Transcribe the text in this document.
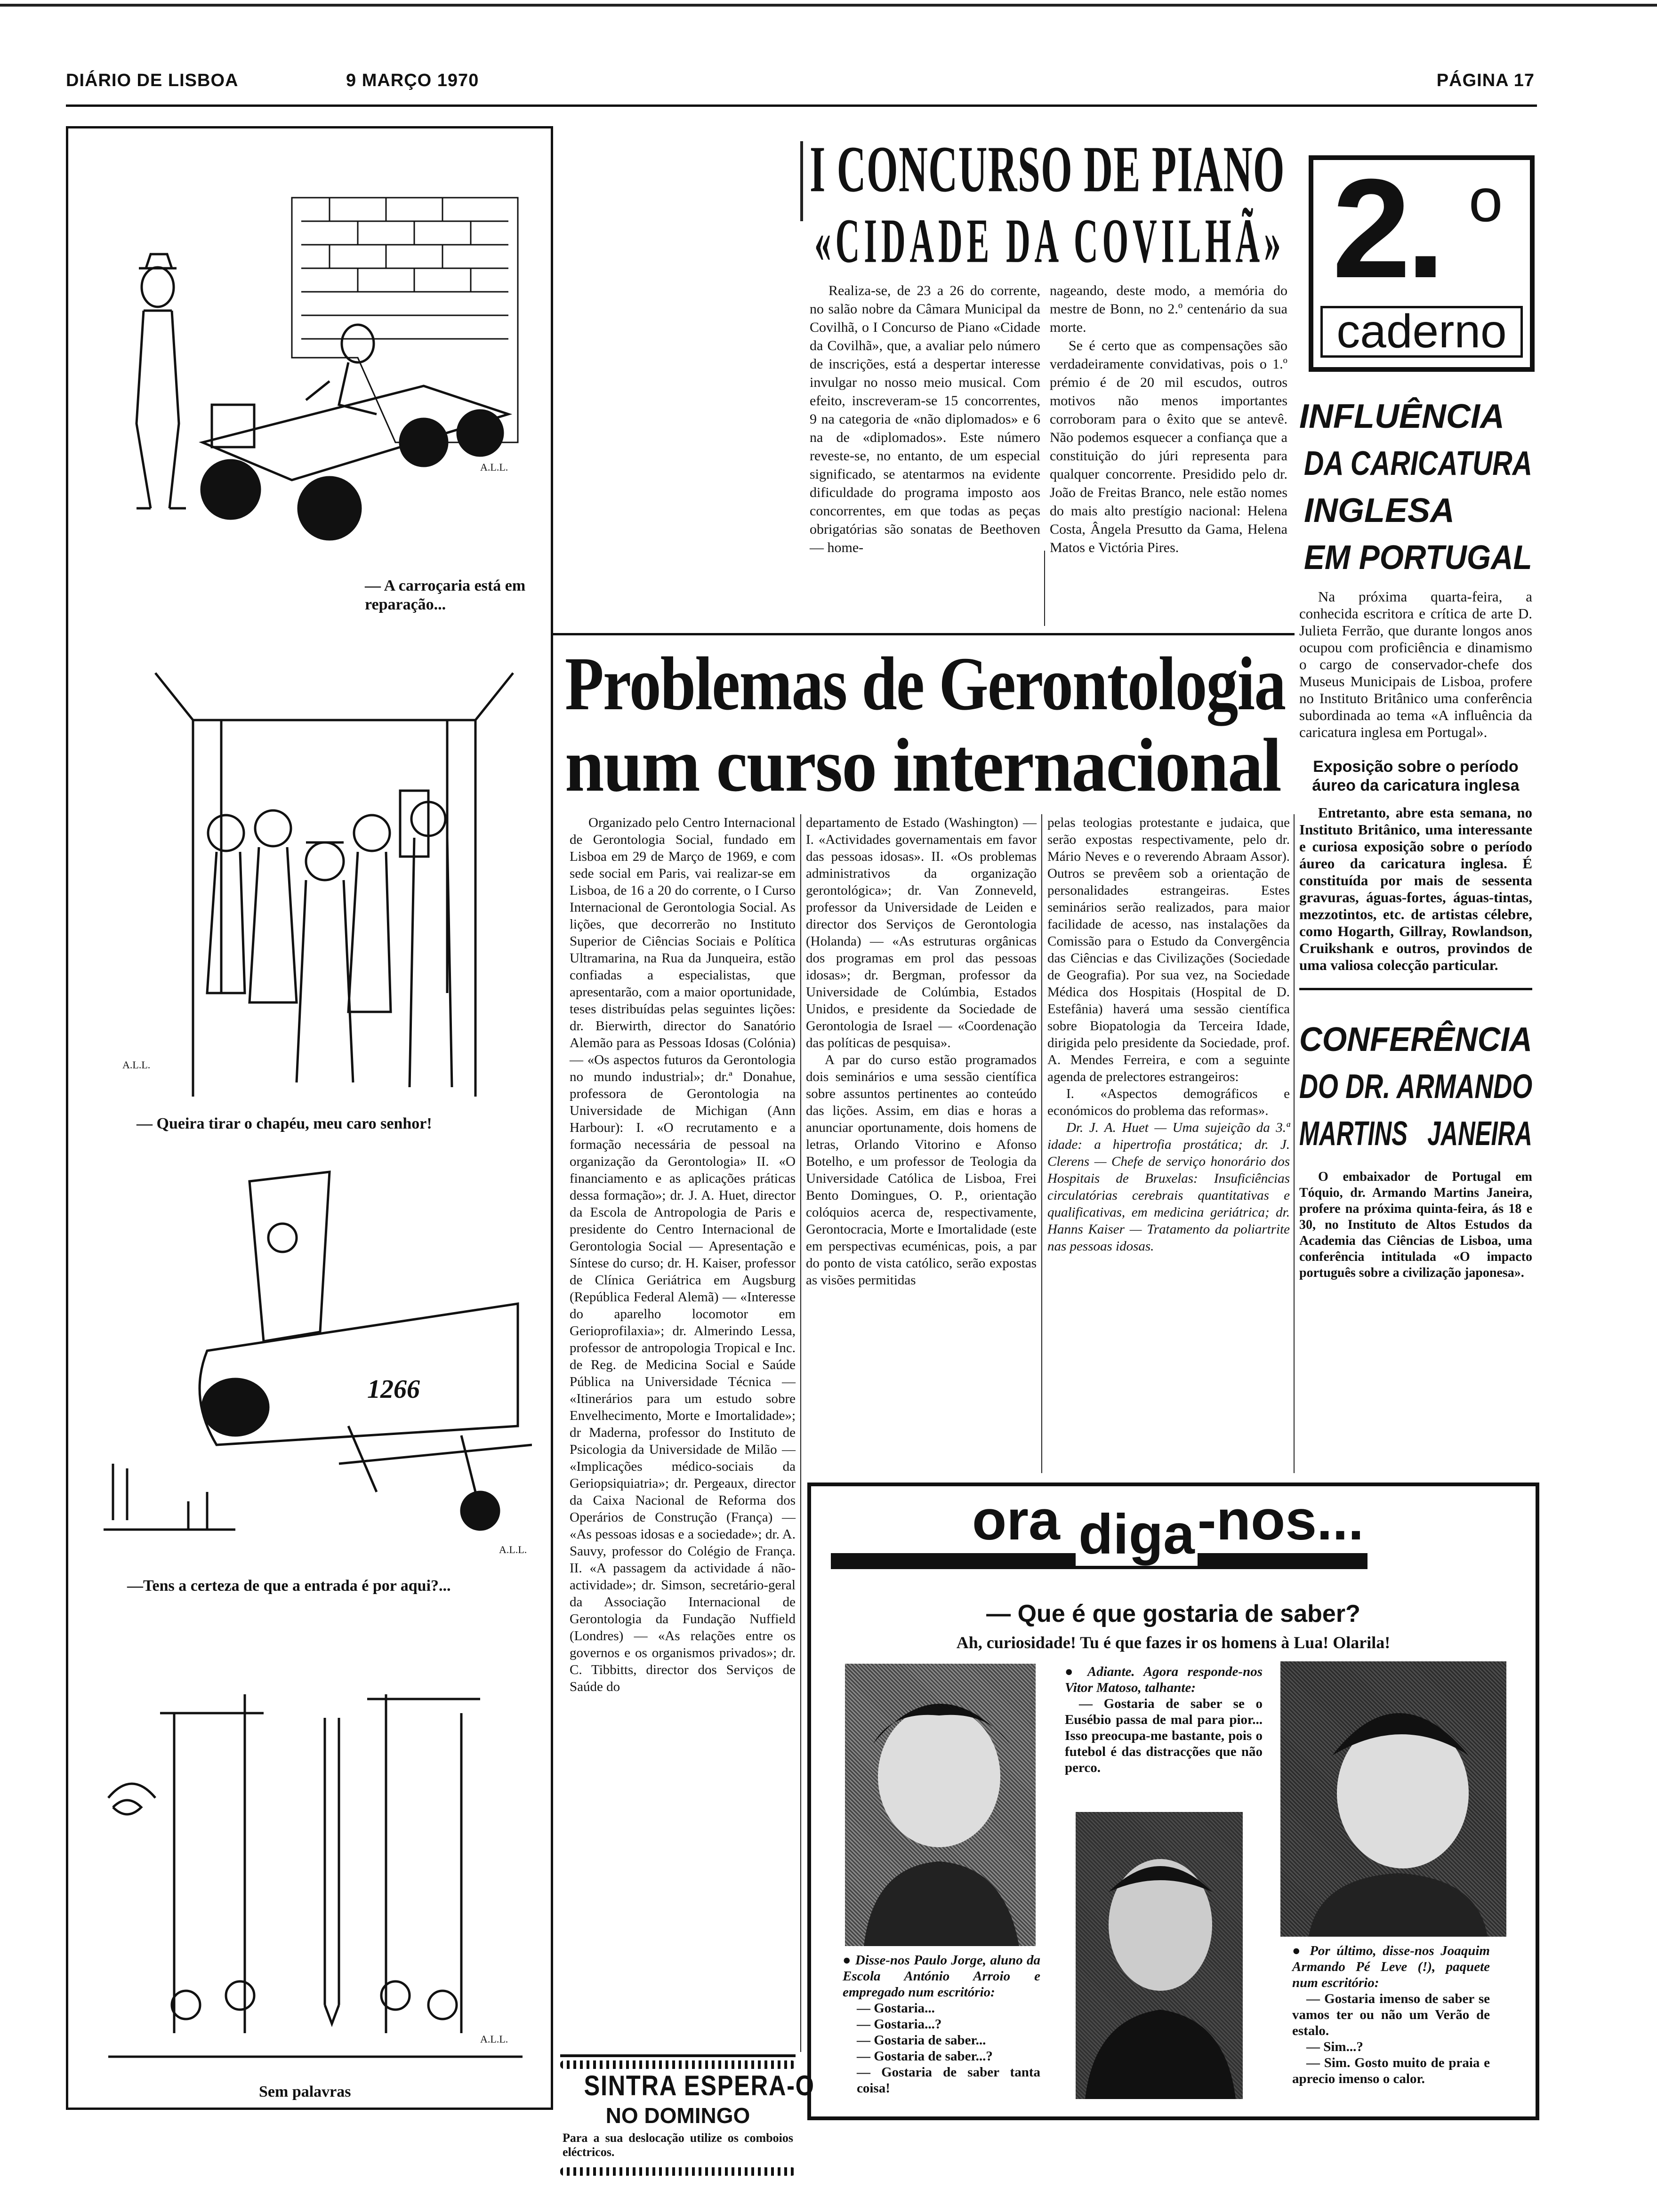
DIÁRIO DE LISBOA	9 MARÇO 1970	PÁGINA 17
A.L.L.
— A carroçaria está em reparação...
A.L.L.
— Queira tirar o chapéu, meu caro senhor!
1266
A.L.L.
—Tens a certeza de que a entrada é por aqui?...
A.L.L.
Sem palavras
I CONCURSO DE PIANO
«CIDADE DA COVILHÃ»

Realiza-se, de 23 a 26 do corrente, no salão nobre da Câmara Municipal da Covilhã, o I Concurso de Piano «Cidade da Covilhã», que, a avaliar pelo número de inscrições, está a despertar interesse invulgar no nosso meio musical. Com efeito, inscreveram-se 15 concorrentes, 9 na categoria de «não diplomados» e 6 na de «diplomados». Este número reveste-se, no entanto, de um especial significado, se atentarmos na evidente dificuldade do programa imposto aos concorrentes, em que todas as peças obrigatórias são sonatas de Beethoven — home-

nageando, deste modo, a memória do mestre de Bonn, no 2.º centenário da sua morte.

Se é certo que as compensações são verdadeiramente convidativas, pois o 1.º prémio é de 20 mil escudos, outros motivos não menos importantes corroboram para o êxito que se antevê. Não podemos esquecer a confiança que a constituição do júri representa para qualquer concorrente. Presidido pelo dr. João de Freitas Branco, nele estão nomes do mais alto prestígio nacional: Helena Costa, Ângela Presutto da Gama, Helena Matos e Victória Pires.

2. o
caderno
INFLUÊNCIA
DA CARICATURA
INGLESA
EM PORTUGAL

Na próxima quarta-feira, a conhecida escritora e crítica de arte D. Julieta Ferrão, que durante longos anos ocupou com proficiência e dinamismo o cargo de conservador-chefe dos Museus Municipais de Lisboa, profere no Instituto Britânico uma conferência subordinada ao tema «A influência da caricatura inglesa em Portugal».

Exposição sobre o período áureo da caricatura inglesa

Entretanto, abre esta semana, no Instituto Britânico, uma interessante e curiosa exposição sobre o período áureo da caricatura inglesa. É constituída por mais de sessenta gravuras, águas-fortes, águas-tintas, mezzotintos, etc. de artistas célebre, como Hogarth, Gillray, Rowlandson, Cruikshank e outros, provindos de uma valiosa colecção particular.

CONFERÊNCIA
DO DR. ARMANDO
MARTINS   JANEIRA

O embaixador de Portugal em Tóquio, dr. Armando Martins Janeira, profere na próxima quinta-feira, ás 18 e 30, no Instituto de Altos Estudos da Academia das Ciências de Lisboa, uma conferência intitulada «O impacto português sobre a civilização japonesa».

Problemas de Gerontologia
num curso internacional

Organizado pelo Centro Internacional de Gerontologia Social, fundado em Lisboa em 29 de Março de 1969, e com sede social em Paris, vai realizar-se em Lisboa, de 16 a 20 do corrente, o I Curso Internacional de Gerontologia Social. As lições, que decorrerão no Instituto Superior de Ciências Sociais e Política Ultramarina, na Rua da Junqueira, estão confiadas a especialistas, que apresentarão, com a maior oportunidade, teses distribuídas pelas seguintes lições: dr. Bierwirth, director do Sanatório Alemão para as Pessoas Idosas (Colónia) — «Os aspectos futuros da Gerontologia no mundo industrial»; dr.ª Donahue, professora de Gerontologia na Universidade de Michigan (Ann Harbour): I. «O recrutamento e a formação necessária de pessoal na organização da Gerontologia» II. «O financiamento e as aplicações práticas dessa formação»; dr. J. A. Huet, director da Escola de Antropologia de Paris e presidente do Centro Internacional de Gerontologia Social — Apresentação e Síntese do curso; dr. H. Kaiser, professor de Clínica Geriátrica em Augsburg (República Federal Alemã) — «Interesse do aparelho locomotor em Gerioprofilaxia»; dr. Almerindo Lessa, professor de antropologia Tropical e Inc. de Reg. de Medicina Social e Saúde Pública na Universidade Técnica — «Itinerários para um estudo sobre Envelhecimento, Morte e Imortalidade»; dr Maderna, professor do Instituto de Psicologia da Universidade de Milão — «Implicações médico-sociais da Geriopsiquiatria»; dr. Pergeaux, director da Caixa Nacional de Reforma dos Operários de Construção (França) — «As pessoas idosas e a sociedade»; dr. A. Sauvy, professor do Colégio de França. II. «A passagem da actividade á não-actividade»; dr. Simson, secretário-geral da Associação Internacional de Gerontologia da Fundação Nuffield (Londres) — «As relações entre os governos e os organismos privados»; dr. C. Tibbitts, director dos Serviços de Saúde do

departamento de Estado (Washington) — I. «Actividades governamentais em favor das pessoas idosas». II. «Os problemas administrativos da organização gerontológica»; dr. Van Zonneveld, professor da Universidade de Leiden e director dos Serviços de Gerontologia (Holanda) — «As estruturas orgânicas dos programas em prol das pessoas idosas»; dr. Bergman, professor da Universidade de Colúmbia, Estados Unidos, e presidente da Sociedade de Gerontologia de Israel — «Coordenação das políticas de pesquisa».

A par do curso estão programados dois seminários e uma sessão científica sobre assuntos pertinentes ao conteúdo das lições. Assim, em dias e horas a anunciar oportunamente, dois homens de letras, Orlando Vitorino e Afonso Botelho, e um professor de Teologia da Universidade Católica de Lisboa, Frei Bento Domingues, O. P., orientação colóquios acerca de, respectivamente, Gerontocracia, Morte e Imortalidade (este em perspectivas ecuménicas, pois, a par do ponto de vista católico, serão expostas as visões permitidas

pelas teologias protestante e judaica, que serão expostas respectivamente, pelo dr. Mário Neves e o reverendo Abraam Assor). Outros se prevêem sob a orientação de personalidades estrangeiras. Estes seminários serão realizados, para maior facilidade de acesso, nas instalações da Comissão para o Estudo da Convergência das Ciências e das Civilizações (Sociedade de Geografia). Por sua vez, na Sociedade Médica dos Hospitais (Hospital de D. Estefânia) haverá uma sessão científica sobre Biopatologia da Terceira Idade, dirigida pelo presidente da Sociedade, prof. A. Mendes Ferreira, e com a seguinte agenda de prelectores estrangeiros:

I. «Aspectos demográficos e económicos do problema das reformas».

Dr. J. A. Huet — Uma sujeição da 3.ª idade: a hipertrofia prostática; dr. J. Clerens — Chefe de serviço honorário dos Hospitais de Bruxelas: Insuficiências circulatórias cerebrais quantitativas e qualificativas, em medicina geriátrica; dr. Hanns Kaiser — Tratamento da poliartrite nas pessoas idosas.

SINTRA ESPERA-O
NO DOMINGO
Para a sua deslocação utilize os comboios eléctricos.
ora diga-nos...
— Que é que gostaria de saber?
Ah, curiosidade! Tu é que fazes ir os homens à Lua! Olarila!
● Disse-nos Paulo Jorge, aluno da Escola António Arroio e empregado num escritório:
— Gostaria...
— Gostaria...?
— Gostaria de saber...
— Gostaria de saber...?
— Gostaria de saber tanta coisa!
● Adiante. Agora responde-nos Vitor Matoso, talhante:
— Gostaria de saber se o Eusébio passa de mal para pior... Isso preocupa-me bastante, pois o futebol é das distracções que não perco.
● Por último, disse-nos Joaquim Armando Pé Leve (!), paquete num escritório:
— Gostaria imenso de saber se vamos ter ou não um Verão de estalo.
— Sim...?
— Sim. Gosto muito de praia e aprecio imenso o calor.
